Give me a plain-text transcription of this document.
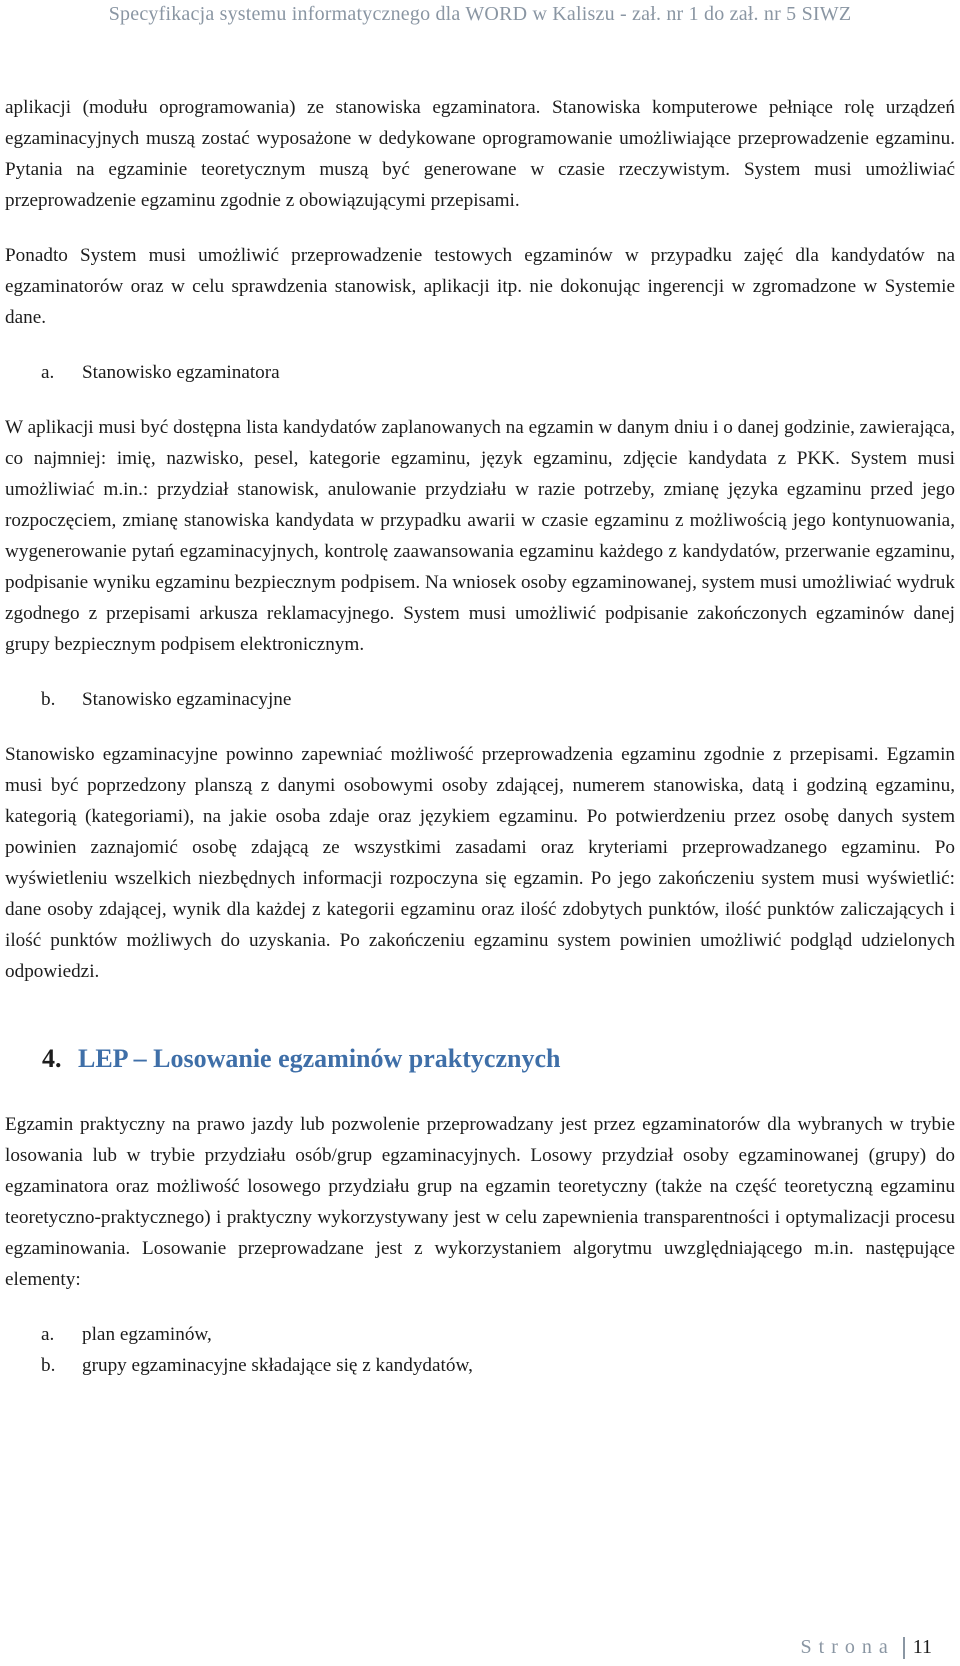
Specyfikacja systemu informatycznego dla WORD w Kaliszu - zał. nr 1 do zał. nr 5 SIWZ

aplikacji (modułu oprogramowania) ze stanowiska egzaminatora. Stanowiska komputerowe pełniące rolę urządzeń egzaminacyjnych muszą zostać wyposażone w dedykowane oprogramowanie umożliwiające przeprowadzenie egzaminu. Pytania na egzaminie teoretycznym muszą być generowane w czasie rzeczywistym. System musi umożliwiać przeprowadzenie egzaminu zgodnie z obowiązującymi przepisami.

Ponadto System musi umożliwić przeprowadzenie testowych egzaminów w przypadku zajęć dla kandydatów na egzaminatorów oraz w celu sprawdzenia stanowisk, aplikacji itp. nie dokonując ingerencji w zgromadzone w Systemie dane.

a.	Stanowisko egzaminatora

W aplikacji musi być dostępna lista kandydatów zaplanowanych na egzamin w danym dniu i o danej godzinie, zawierająca, co najmniej: imię, nazwisko, pesel, kategorie egzaminu, język egzaminu, zdjęcie kandydata z PKK. System musi umożliwiać m.in.: przydział stanowisk, anulowanie przydziału w razie potrzeby, zmianę języka egzaminu przed jego rozpoczęciem, zmianę stanowiska kandydata w przypadku awarii w czasie egzaminu z możliwością jego kontynuowania, wygenerowanie pytań egzaminacyjnych, kontrolę zaawansowania egzaminu każdego z kandydatów, przerwanie egzaminu, podpisanie wyniku egzaminu bezpiecznym podpisem. Na wniosek osoby egzaminowanej, system musi umożliwiać wydruk zgodnego z przepisami arkusza reklamacyjnego. System musi umożliwić podpisanie zakończonych egzaminów danej grupy bezpiecznym podpisem elektronicznym.

b.	Stanowisko egzaminacyjne

Stanowisko egzaminacyjne powinno zapewniać możliwość przeprowadzenia egzaminu zgodnie z przepisami. Egzamin musi być poprzedzony planszą z danymi osobowymi osoby zdającej, numerem stanowiska, datą i godziną egzaminu, kategorią (kategoriami), na jakie osoba zdaje oraz językiem egzaminu. Po potwierdzeniu przez osobę danych system powinien zaznajomić osobę zdającą ze wszystkimi zasadami oraz kryteriami przeprowadzanego egzaminu. Po wyświetleniu wszelkich niezbędnych informacji rozpoczyna się egzamin. Po jego zakończeniu system musi wyświetlić: dane osoby zdającej, wynik dla każdej z kategorii egzaminu oraz ilość zdobytych punktów, ilość punktów zaliczających i ilość punktów możliwych do uzyskania. Po zakończeniu egzaminu system powinien umożliwić podgląd udzielonych odpowiedzi.

4. LEP – Losowanie egzaminów praktycznych

Egzamin praktyczny na prawo jazdy lub pozwolenie przeprowadzany jest przez egzaminatorów dla wybranych w trybie losowania lub w trybie przydziału osób/grup egzaminacyjnych. Losowy przydział osoby egzaminowanej (grupy) do egzaminatora oraz możliwość losowego przydziału grup na egzamin teoretyczny (także na część teoretyczną egzaminu teoretyczno-praktycznego) i praktyczny wykorzystywany jest w celu zapewnienia transparentności i optymalizacji procesu egzaminowania. Losowanie przeprowadzane jest z wykorzystaniem algorytmu uwzględniającego m.in. następujące elementy:

a.	plan egzaminów,
b.	grupy egzaminacyjne składające się z kandydatów,
Strona 11
